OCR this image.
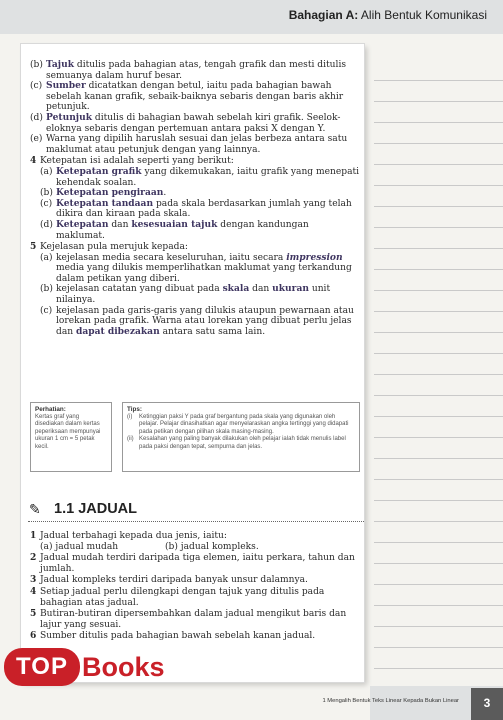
Bahagian A: Alih Bentuk Komunikasi
(b) Tajuk ditulis pada bahagian atas, tengah grafik dan mesti ditulis semuanya dalam huruf besar.
(c) Sumber dicatatkan dengan betul, iaitu pada bahagian bawah sebelah kanan grafik, sebaik-baiknya sebaris dengan baris akhir petunjuk.
(d) Petunjuk ditulis di bahagian bawah sebelah kiri grafik. Seelok-eloknya sebaris dengan pertemuan antara paksi X dengan Y.
(e) Warna yang dipilih haruslah sesuai dan jelas berbeza antara satu maklumat atau petunjuk dengan yang lainnya.
4 Ketepatan isi adalah seperti yang berikut:
(a) Ketepatan grafik yang dikemukakan, iaitu grafik yang menepati kehendak soalan.
(b) Ketepatan pengiraan.
(c) Ketepatan tandaan pada skala berdasarkan jumlah yang telah dikira dan kiraan pada skala.
(d) Ketepatan dan kesesuaian tajuk dengan kandungan maklumat.
5 Kejelasan pula merujuk kepada:
(a) kejelasan media secara keseluruhan, iaitu secara impression media yang dilukis memperlihatkan maklumat yang terkandung dalam petikan yang diberi.
(b) kejelasan catatan yang dibuat pada skala dan ukuran unit nilainya.
(c) kejelasan pada garis-garis yang dilukis ataupun pewarnaan atau lorekan pada grafik. Warna atau lorekan yang dibuat perlu jelas dan dapat dibezakan antara satu sama lain.
Perhatian:
Kertas graf yang disediakan dalam kertas peperiksaan mempunyai ukuran 1 cm = 5 petak kecil.
Tips:
(i) Ketinggian paksi Y pada graf bergantung pada skala yang digunakan oleh pelajar. Pelajar dinasihatkan agar menyelaraskan angka tertinggi yang didapati pada petikan dengan pilihan skala masing-masing.
(ii) Kesalahan yang paling banyak dilakukan oleh pelajar ialah tidak menulis label pada paksi dengan tepat, sempurna dan jelas.
✎ 1.1 JADUAL
1 Jadual terbahagi kepada dua jenis, iaitu:
(a) jadual mudah	(b) jadual kompleks.
2 Jadual mudah terdiri daripada tiga elemen, iaitu perkara, tahun dan jumlah.
3 Jadual kompleks terdiri daripada banyak unsur dalamnya.
4 Setiap jadual perlu dilengkapi dengan tajuk yang ditulis pada bahagian atas jadual.
5 Butiran-butiran dipersembahkan dalam jadual mengikut baris dan lajur yang sesuai.
6 Sumber ditulis pada bahagian bawah sebelah kanan jadual.
TOP Books
1 Mengalih Bentuk Teks Linear Kepada Bukan Linear	3
